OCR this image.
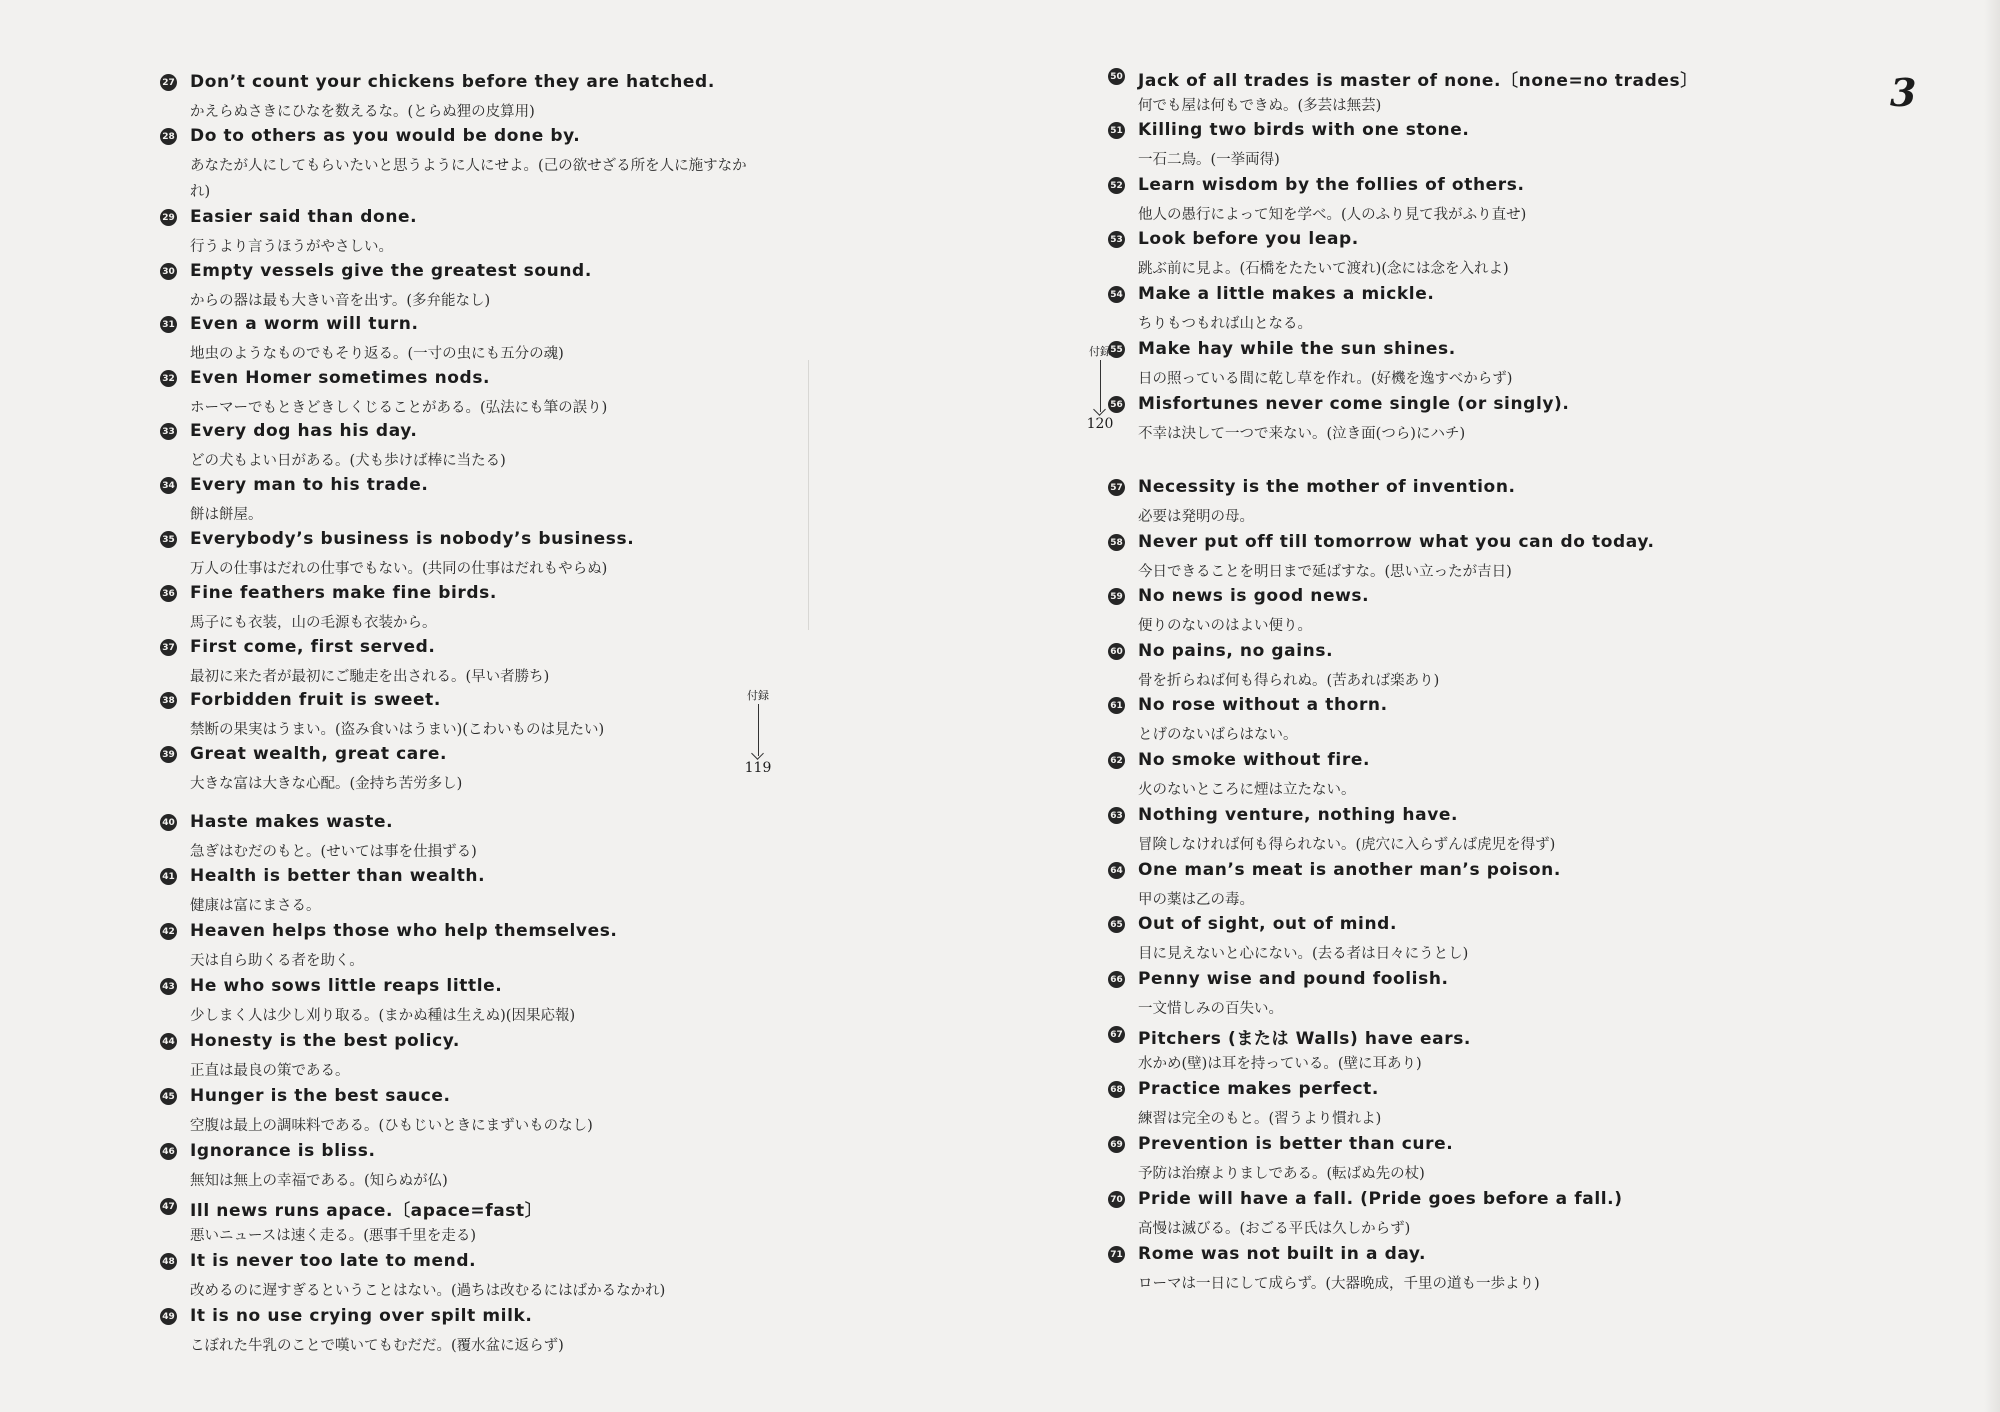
27 Don’t count your chickens before they are hatched.
かえらぬさきにひなを数えるな。(とらぬ狸の皮算用)
28 Do to others as you would be done by.
あなたが人にしてもらいたいと思うように人にせよ。(己の欲せざる所を人に施すなかれ)
29 Easier said than done.
行うより言うほうがやさしい。
30 Empty vessels give the greatest sound.
からの器は最も大きい音を出す。(多弁能なし)
31 Even a worm will turn.
地虫のようなものでもそり返る。(一寸の虫にも五分の魂)
32 Even Homer sometimes nods.
ホーマーでもときどきしくじることがある。(弘法にも筆の誤り)
33 Every dog has his day.
どの犬もよい日がある。(犬も歩けば棒に当たる)
34 Every man to his trade.
餅は餅屋。
35 Everybody’s business is nobody’s business.
万人の仕事はだれの仕事でもない。(共同の仕事はだれもやらぬ)
36 Fine feathers make fine birds.
馬子にも衣装，山の毛源も衣装から。
37 First come, first served.
最初に来た者が最初にご馳走を出される。(早い者勝ち)
38 Forbidden fruit is sweet.
禁断の果実はうまい。(盗み食いはうまい)(こわいものは見たい)
39 Great wealth, great care.
大きな富は大きな心配。(金持ち苦労多し)
40 Haste makes waste.
急ぎはむだのもと。(せいては事を仕損ずる)
41 Health is better than wealth.
健康は富にまさる。
42 Heaven helps those who help themselves.
天は自ら助くる者を助く。
43 He who sows little reaps little.
少しまく人は少し刈り取る。(まかぬ種は生えぬ)(因果応報)
44 Honesty is the best policy.
正直は最良の策である。
45 Hunger is the best sauce.
空腹は最上の調味料である。(ひもじいときにまずいものなし)
46 Ignorance is bliss.
無知は無上の幸福である。(知らぬが仏)
47 Ill news runs apace.〔apace=fast〕
悪いニュースは速く走る。(悪事千里を走る)
48 It is never too late to mend.
改めるのに遅すぎるということはない。(過ちは改むるにはばかるなかれ)
49 It is no use crying over spilt milk.
こぼれた牛乳のことで嘆いてもむだだ。(覆水盆に返らず)
付録
119
3
50 Jack of all trades is master of none.〔none=no trades〕
何でも屋は何もできぬ。(多芸は無芸)
51 Killing two birds with one stone.
一石二鳥。(一挙両得)
52 Learn wisdom by the follies of others.
他人の愚行によって知を学べ。(人のふり見て我がふり直せ)
53 Look before you leap.
跳ぶ前に見よ。(石橋をたたいて渡れ)(念には念を入れよ)
54 Make a little makes a mickle.
ちりもつもれば山となる。
55 Make hay while the sun shines.
日の照っている間に乾し草を作れ。(好機を逸すべからず)
56 Misfortunes never come single (or singly).
不幸は決して一つで来ない。(泣き面(つら)にハチ)
57 Necessity is the mother of invention.
必要は発明の母。
58 Never put off till tomorrow what you can do today.
今日できることを明日まで延ばすな。(思い立ったが吉日)
59 No news is good news.
便りのないのはよい便り。
60 No pains, no gains.
骨を折らねば何も得られぬ。(苦あれば楽あり)
61 No rose without a thorn.
とげのないばらはない。
62 No smoke without fire.
火のないところに煙は立たない。
63 Nothing venture, nothing have.
冒険しなければ何も得られない。(虎穴に入らずんば虎児を得ず)
64 One man’s meat is another man’s poison.
甲の薬は乙の毒。
65 Out of sight, out of mind.
目に見えないと心にない。(去る者は日々にうとし)
66 Penny wise and pound foolish.
一文惜しみの百失い。
67 Pitchers (または Walls) have ears.
水かめ(壁)は耳を持っている。(壁に耳あり)
68 Practice makes perfect.
練習は完全のもと。(習うより慣れよ)
69 Prevention is better than cure.
予防は治療よりましである。(転ばぬ先の杖)
70 Pride will have a fall. (Pride goes before a fall.)
高慢は滅びる。(おごる平氏は久しからず)
71 Rome was not built in a day.
ローマは一日にして成らず。(大器晩成，千里の道も一歩より)
付録
120
